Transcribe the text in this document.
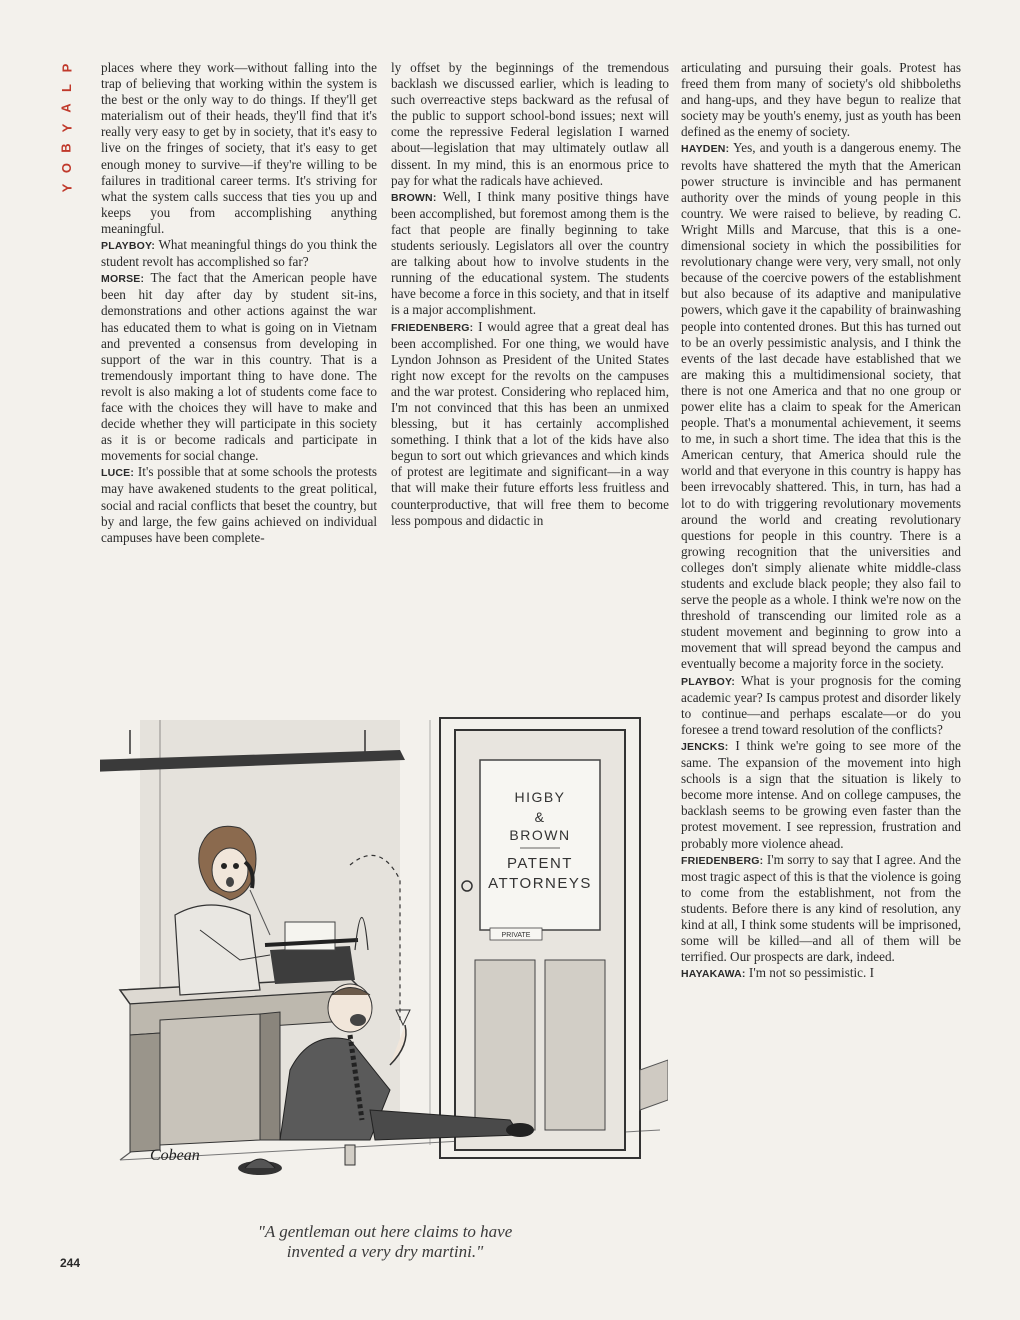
P
L
A
Y
B
O
Y

places where they work—without falling into the trap of believing that working within the system is the best or the only way to do things. If they'll get materialism out of their heads, they'll find that it's really very easy to get by in society, that it's easy to live on the fringes of society, that it's easy to get enough money to survive—if they're willing to be failures in traditional career terms. It's striving for what the system calls success that ties you up and keeps you from accomplishing anything meaningful.

PLAYBOY: What meaningful things do you think the student revolt has accomplished so far?

MORSE: The fact that the American people have been hit day after day by student sit-ins, demonstrations and other actions against the war has educated them to what is going on in Vietnam and prevented a consensus from developing in support of the war in this country. That is a tremendously important thing to have done. The revolt is also making a lot of students come face to face with the choices they will have to make and decide whether they will participate in this society as it is or become radicals and participate in movements for social change.

LUCE: It's possible that at some schools the protests may have awakened students to the great political, social and racial conflicts that beset the country, but by and large, the few gains achieved on individual campuses have been complete-

ly offset by the beginnings of the tremendous backlash we discussed earlier, which is leading to such overreactive steps backward as the refusal of the public to support school-bond issues; next will come the repressive Federal legislation I warned about—legislation that may ultimately outlaw all dissent. In my mind, this is an enormous price to pay for what the radicals have achieved.

BROWN: Well, I think many positive things have been accomplished, but foremost among them is the fact that people are finally beginning to take students seriously. Legislators all over the country are talking about how to involve students in the running of the educational system. The students have become a force in this society, and that in itself is a major accomplishment.

FRIEDENBERG: I would agree that a great deal has been accomplished. For one thing, we would have Lyndon Johnson as President of the United States right now except for the revolts on the campuses and the war protest. Considering who replaced him, I'm not convinced that this has been an unmixed blessing, but it has certainly accomplished something. I think that a lot of the kids have also begun to sort out which grievances and which kinds of protest are legitimate and significant—in a way that will make their future efforts less fruitless and counterproductive, that will free them to become less pompous and didactic in

articulating and pursuing their goals. Protest has freed them from many of society's old shibboleths and hang-ups, and they have begun to realize that society may be youth's enemy, just as youth has been defined as the enemy of society.

HAYDEN: Yes, and youth is a dangerous enemy. The revolts have shattered the myth that the American power structure is invincible and has permanent authority over the minds of young people in this country. We were raised to believe, by reading C. Wright Mills and Marcuse, that this is a one-dimensional society in which the possibilities for revolutionary change were very, very small, not only because of the coercive powers of the establishment but also because of its adaptive and manipulative powers, which gave it the capability of brainwashing people into contented drones. But this has turned out to be an overly pessimistic analysis, and I think the events of the last decade have established that we are making this a multidimensional society, that there is not one America and that no one group or power elite has a claim to speak for the American people. That's a monumental achievement, it seems to me, in such a short time. The idea that this is the American century, that America should rule the world and that everyone in this country is happy has been irrevocably shattered. This, in turn, has had a lot to do with triggering revolutionary movements around the world and creating revolutionary questions for people in this country. There is a growing recognition that the universities and colleges don't simply alienate white middle-class students and exclude black people; they also fail to serve the people as a whole. I think we're now on the threshold of transcending our limited role as a student movement and beginning to grow into a movement that will spread beyond the campus and eventually become a majority force in the society.

PLAYBOY: What is your prognosis for the coming academic year? Is campus protest and disorder likely to continue—and perhaps escalate—or do you foresee a trend toward resolution of the conflicts?

JENCKS: I think we're going to see more of the same. The expansion of the movement into high schools is a sign that the situation is likely to become more intense. And on college campuses, the backlash seems to be growing even faster than the protest movement. I see repression, frustration and probably more violence ahead.

FRIEDENBERG: I'm sorry to say that I agree. And the most tragic aspect of this is that the violence is going to come from the establishment, not from the students. Before there is any kind of resolution, any kind at all, I think some students will be imprisoned, some will be killed—and all of them will be terrified. Our prospects are dark, indeed.

HAYAKAWA: I'm not so pessimistic. I

PRIVATE
HIGBY
&
BROWN
PATENT
ATTORNEYS
Cobean
"A gentleman out here claims to have
invented a very dry martini."
244
